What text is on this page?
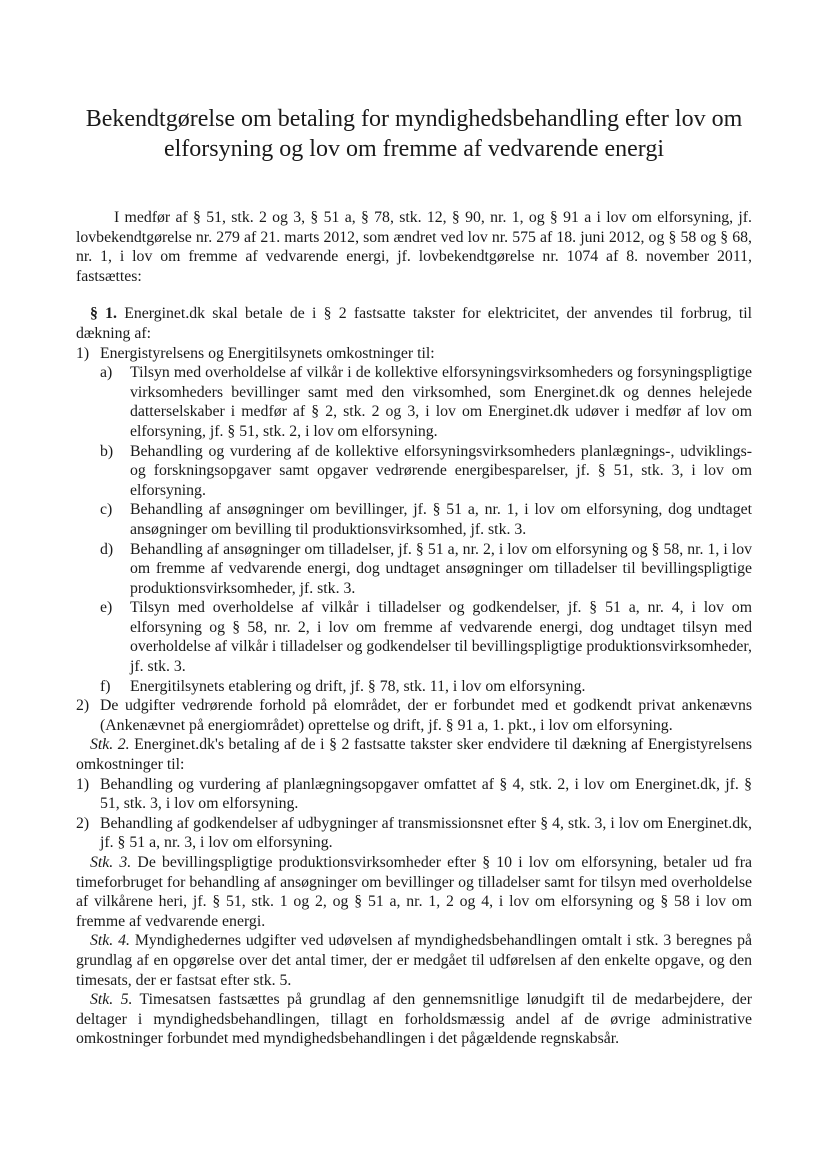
Bekendtgørelse om betaling for myndighedsbehandling efter lov om elforsyning og lov om fremme af vedvarende energi

I medfør af § 51, stk. 2 og 3, § 51 a, § 78, stk. 12, § 90, nr. 1, og § 91 a i lov om elforsyning, jf. lovbekendtgørelse nr. 279 af 21. marts 2012, som ændret ved lov nr. 575 af 18. juni 2012, og § 58 og § 68, nr. 1, i lov om fremme af vedvarende energi, jf. lovbekendtgørelse nr. 1074 af 8. november 2011, fastsættes:

§ 1. Energinet.dk skal betale de i § 2 fastsatte takster for elektricitet, der anvendes til forbrug, til dækning af:

1) Energistyrelsens og Energitilsynets omkostninger til:
a)	Tilsyn med overholdelse af vilkår i de kollektive elforsyningsvirksomheders og forsyningspligtige virksomheders bevillinger samt med den virksomhed, som Energinet.dk og dennes helejede datterselskaber i medfør af § 2, stk. 2 og 3, i lov om Energinet.dk udøver i medfør af lov om elforsyning, jf. § 51, stk. 2, i lov om elforsyning.
b)	Behandling og vurdering af de kollektive elforsyningsvirksomheders planlægnings-, udviklings- og forskningsopgaver samt opgaver vedrørende energibesparelser, jf. § 51, stk. 3, i lov om elforsyning.
c)	Behandling af ansøgninger om bevillinger, jf. § 51 a, nr. 1, i lov om elforsyning, dog undtaget ansøgninger om bevilling til produktionsvirksomhed, jf. stk. 3.
d)	Behandling af ansøgninger om tilladelser, jf. § 51 a, nr. 2, i lov om elforsyning og § 58, nr. 1, i lov om fremme af vedvarende energi, dog undtaget ansøgninger om tilladelser til bevillingspligtige produktionsvirksomheder, jf. stk. 3.
e)	Tilsyn med overholdelse af vilkår i tilladelser og godkendelser, jf. § 51 a, nr. 4, i lov om elforsyning og § 58, nr. 2, i lov om fremme af vedvarende energi, dog undtaget tilsyn med overholdelse af vilkår i tilladelser og godkendelser til bevillingspligtige produktionsvirksomheder, jf. stk. 3.
f)	Energitilsynets etablering og drift, jf. § 78, stk. 11, i lov om elforsyning.
2) De udgifter vedrørende forhold på elområdet, der er forbundet med et godkendt privat ankenævns (Ankenævnet på energiområdet) oprettelse og drift, jf. § 91 a, 1. pkt., i lov om elforsyning.

Stk. 2. Energinet.dk's betaling af de i § 2 fastsatte takster sker endvidere til dækning af Energistyrelsens omkostninger til:

1) Behandling og vurdering af planlægningsopgaver omfattet af § 4, stk. 2, i lov om Energinet.dk, jf. § 51, stk. 3, i lov om elforsyning.
2) Behandling af godkendelser af udbygninger af transmissionsnet efter § 4, stk. 3, i lov om Energinet.dk, jf. § 51 a, nr. 3, i lov om elforsyning.

Stk. 3. De bevillingspligtige produktionsvirksomheder efter § 10 i lov om elforsyning, betaler ud fra timeforbruget for behandling af ansøgninger om bevillinger og tilladelser samt for tilsyn med overholdelse af vilkårene heri, jf. § 51, stk. 1 og 2, og § 51 a, nr. 1, 2 og 4, i lov om elforsyning og § 58 i lov om fremme af vedvarende energi.

Stk. 4. Myndighedernes udgifter ved udøvelsen af myndighedsbehandlingen omtalt i stk. 3 beregnes på grundlag af en opgørelse over det antal timer, der er medgået til udførelsen af den enkelte opgave, og den timesats, der er fastsat efter stk. 5.

Stk. 5. Timesatsen fastsættes på grundlag af den gennemsnitlige lønudgift til de medarbejdere, der deltager i myndighedsbehandlingen, tillagt en forholdsmæssig andel af de øvrige administrative omkostninger forbundet med myndighedsbehandlingen i det pågældende regnskabsår.
